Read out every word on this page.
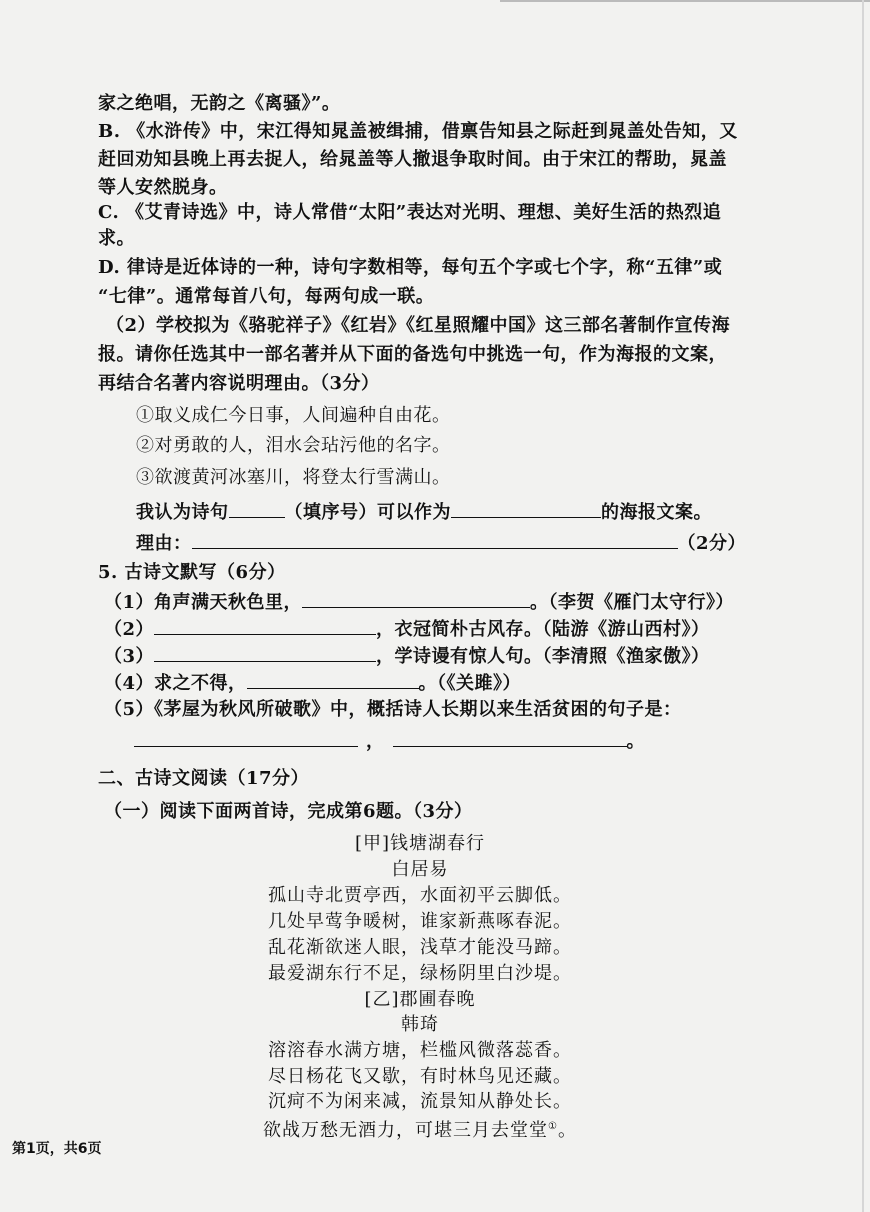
家之绝唱，无韵之《离骚》”。
B. 《水浒传》中，宋江得知晁盖被缉捕，借禀告知县之际赶到晁盖处告知，又
赶回劝知县晚上再去捉人，给晁盖等人撤退争取时间。由于宋江的帮助，晁盖
等人安然脱身。
C. 《艾青诗选》中，诗人常借“太阳”表达对光明、理想、美好生活的热烈追
求。
D. 律诗是近体诗的一种，诗句字数相等，每句五个字或七个字，称“五律”或
“七律”。通常每首八句，每两句成一联。
（2）学校拟为《骆驼祥子》《红岩》《红星照耀中国》这三部名著制作宣传海
报。请你任选其中一部名著并从下面的备选句中挑选一句，作为海报的文案，
再结合名著内容说明理由。（3分）
①取义成仁今日事，人间遍种自由花。
②对勇敢的人，泪水会玷污他的名字。
③欲渡黄河冰塞川，将登太行雪满山。
我认为诗句	（填序号）可以作为	的海报文案。
理由：	（2分）
5. 古诗文默写（6分）
（1）角声满天秋色里，	。（李贺《雁门太守行》）
（2）	，衣冠简朴古风存。（陆游《游山西村》）
（3）	，学诗谩有惊人句。（李清照《渔家傲》）
（4）求之不得，	。（《关雎》）
（5）《茅屋为秋风所破歌》中，概括诗人长期以来生活贫困的句子是：
，	。
二、古诗文阅读（17分）
（一）阅读下面两首诗，完成第6题。（3分）
[甲]钱塘湖春行
白居易
孤山寺北贾亭西，水面初平云脚低。
几处早莺争暖树，谁家新燕啄春泥。
乱花渐欲迷人眼，浅草才能没马蹄。
最爱湖东行不足，绿杨阴里白沙堤。
[乙]郡圃春晚
韩琦
溶溶春水满方塘，栏槛风微落蕊香。
尽日杨花飞又歇，有时林鸟见还藏。
沉疴不为闲来减，流景知从静处长。
欲战万愁无酒力，可堪三月去堂堂①。
第1页，共6页
